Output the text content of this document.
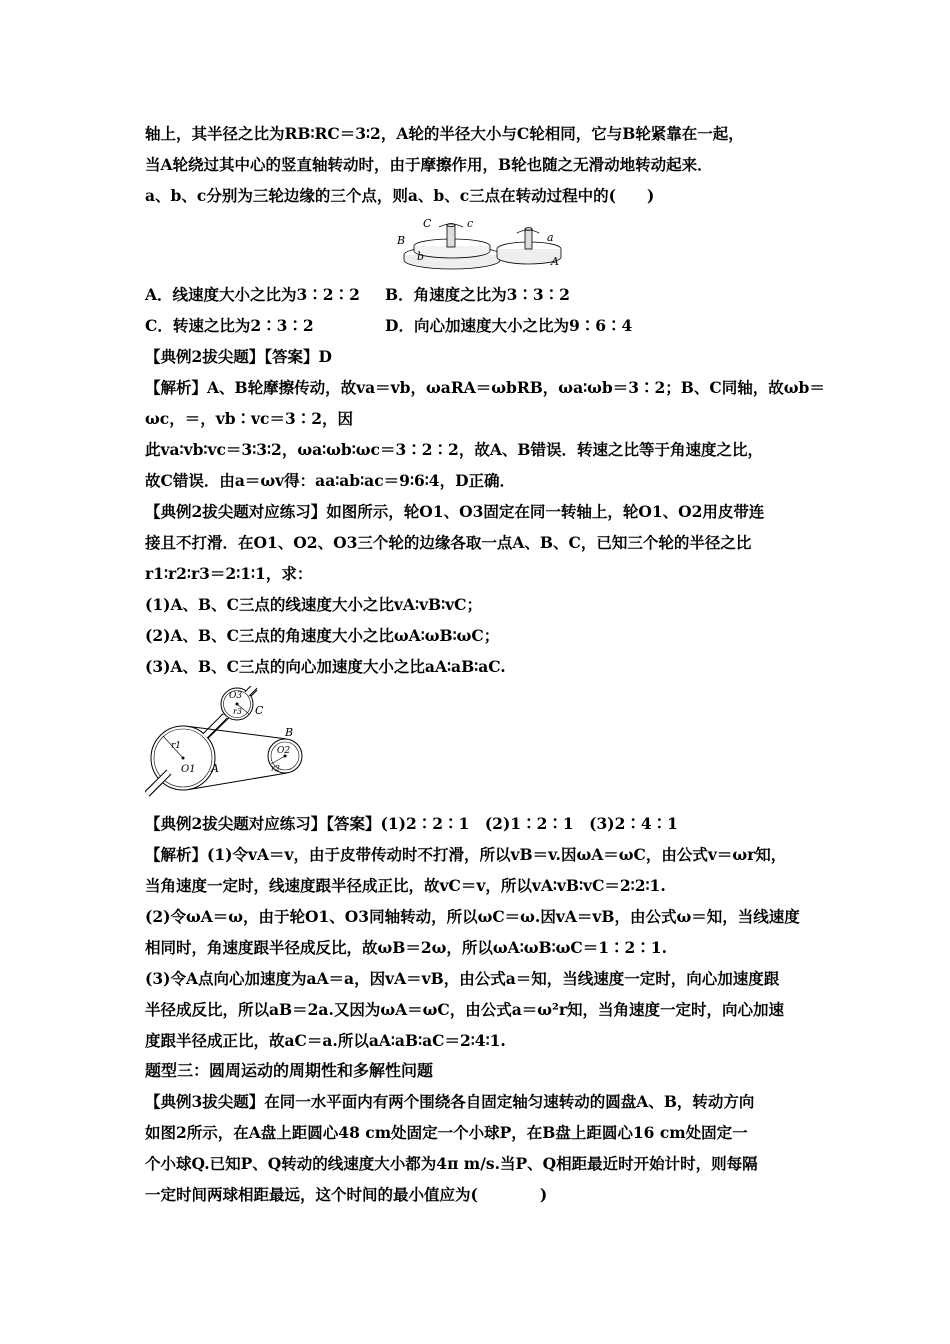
轴上，其半径之比为RB∶RC＝3∶2，A轮的半径大小与C轮相同，它与B轮紧靠在一起，
当A轮绕过其中心的竖直轴转动时，由于摩擦作用，B轮也随之无滑动地转动起来．
a、b、c分别为三轮边缘的三个点，则a、b、c三点在转动过程中的(　　)
C	c
B
b
a
A
A．线速度大小之比为3∶2∶2 B．角速度之比为3∶3∶2
C．转速之比为2∶3∶2	D．向心加速度大小之比为9∶6∶4
【典例2拔尖题】【答案】D
【解析】A、B轮摩擦传动，故va＝vb，ωaRA＝ωbRB，ωa∶ωb＝3∶2；B、C同轴，故ωb＝
ωc，＝，vb∶vc＝3∶2，因
此va∶vb∶vc＝3∶3∶2，ωa∶ωb∶ωc＝3∶2∶2，故A、B错误．转速之比等于角速度之比，
故C错误．由a＝ωv得：aa∶ab∶ac＝9∶6∶4，D正确．
【典例2拔尖题对应练习】如图所示，轮O1、O3固定在同一转轴上，轮O1、O2用皮带连
接且不打滑．在O1、O2、O3三个轮的边缘各取一点A、B、C，已知三个轮的半径之比
r1∶r2∶r3＝2∶1∶1，求：
(1)A、B、C三点的线速度大小之比vA∶vB∶vC；
(2)A、B、C三点的角速度大小之比ωA∶ωB∶ωC；
(3)A、B、C三点的向心加速度大小之比aA∶aB∶aC.
O3
r3 C
B
O2
r2
r1
O1 A
【典例2拔尖题对应练习】【答案】(1)2∶2∶1　(2)1∶2∶1　(3)2∶4∶1
【解析】(1)令vA＝v，由于皮带传动时不打滑，所以vB＝v.因ωA＝ωC，由公式v＝ωr知，
当角速度一定时，线速度跟半径成正比，故vC＝v，所以vA∶vB∶vC＝2∶2∶1.
(2)令ωA＝ω，由于轮O1、O3同轴转动，所以ωC＝ω.因vA＝vB，由公式ω＝知，当线速度
相同时，角速度跟半径成反比，故ωB＝2ω，所以ωA∶ωB∶ωC＝1∶2∶1.
(3)令A点向心加速度为aA＝a，因vA＝vB，由公式a＝知，当线速度一定时，向心加速度跟
半径成反比，所以aB＝2a.又因为ωA＝ωC，由公式a＝ω²r知，当角速度一定时，向心加速
度跟半径成正比，故aC＝a.所以aA∶aB∶aC＝2∶4∶1.
题型三：圆周运动的周期性和多解性问题
【典例3拔尖题】在同一水平面内有两个围绕各自固定轴匀速转动的圆盘A、B，转动方向
如图2所示，在A盘上距圆心48 cm处固定一个小球P，在B盘上距圆心16 cm处固定一
个小球Q.已知P、Q转动的线速度大小都为4π m/s.当P、Q相距最近时开始计时，则每隔
一定时间两球相距最远，这个时间的最小值应为(　　　　)
